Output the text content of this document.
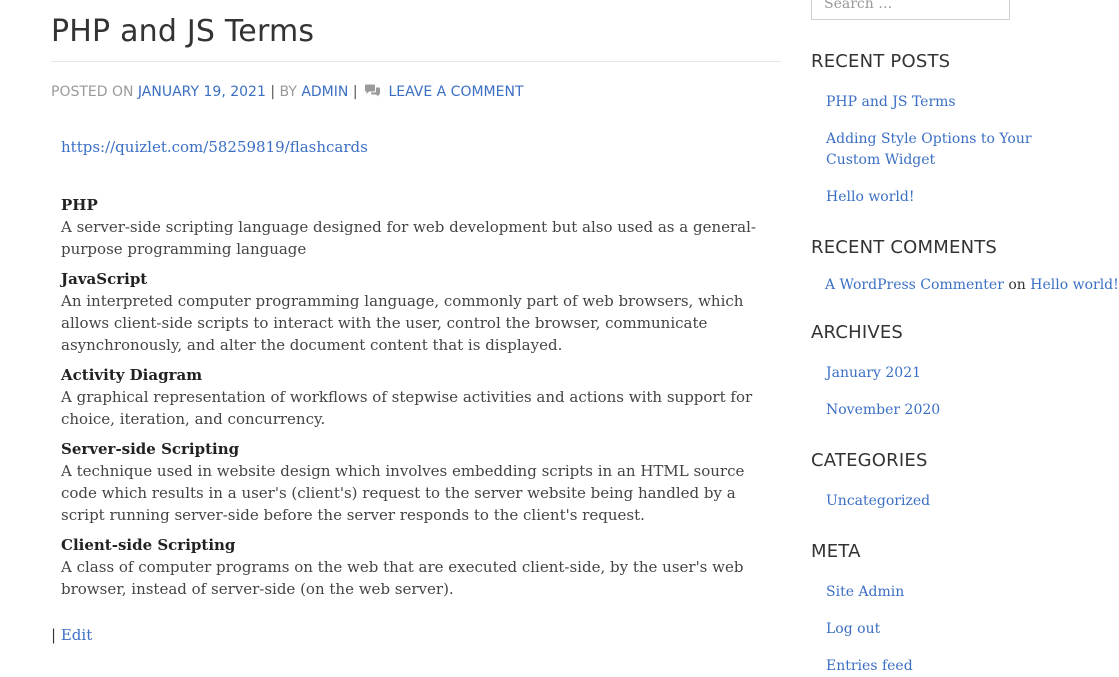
PHP and JS Terms
POSTED ON JANUARY 19, 2021 | BY ADMIN | LEAVE A COMMENT
https://quizlet.com/58259819/flashcards
PHP
A server-side scripting language designed for web development but also used as a general-purpose programming language
JavaScript
An interpreted computer programming language, commonly part of web browsers, which allows client-side scripts to interact with the user, control the browser, communicate asynchronously, and alter the document content that is displayed.
Activity Diagram
A graphical representation of workflows of stepwise activities and actions with support for choice, iteration, and concurrency.
Server-side Scripting
A technique used in website design which involves embedding scripts in an HTML source code which results in a user's (client's) request to the server website being handled by a script running server-side before the server responds to the client's request.
Client-side Scripting
A class of computer programs on the web that are executed client-side, by the user's web browser, instead of server-side (on the web server).
| Edit
Search …
RECENT POSTS
PHP and JS Terms
Adding Style Options to Your Custom Widget
Hello world!
RECENT COMMENTS
A WordPress Commenter on Hello world!
ARCHIVES
January 2021
November 2020
CATEGORIES
Uncategorized
META
Site Admin
Log out
Entries feed
